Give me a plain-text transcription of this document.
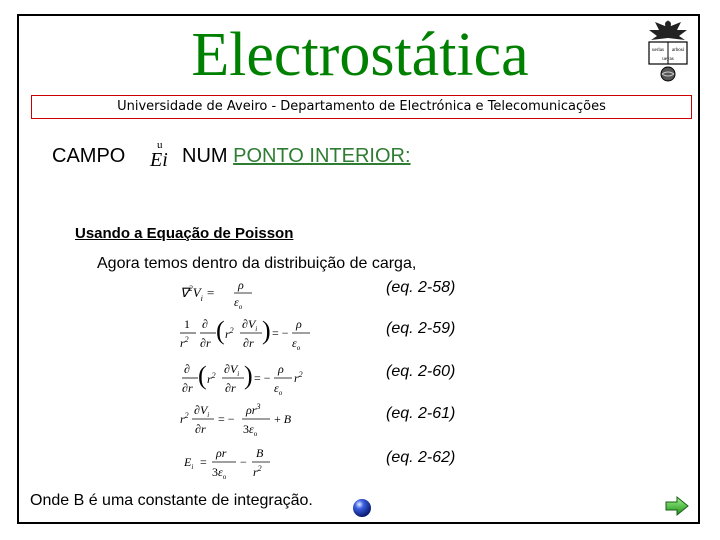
Electrostática	uerlas arbosi
ueyas
Universidade de Aveiro - Departamento de Electrónica e Telecomunicações
CAMPO	u
Ei NUM PONTO INTERIOR:
Usando a Equação de Poisson
Agora temos dentro da distribuição de carga,
$\nabla^2V_i = \rho$
$\varepsilon_o$
(eq. 2-58)
1
$r^2$
∂
∂r ( $r^2$ $\partial V_i$
∂r ) = −
ρ
$\varepsilon_o$
(eq. 2-59)
∂
∂r ( $r^2$ $\partial V_i$
∂r ) = −
ρ
$\varepsilon_o$
$r^2$	(eq. 2-60)
$r^2$ $\partial V_i$
∂r
= −
$\rho r^3$
$3\varepsilon_o$
+ B	(eq. 2-61)
$E_i$ =
ρr
$3\varepsilon_o$
−
B
$r^2$
(eq. 2-62)
Onde B é uma constante de integração.
